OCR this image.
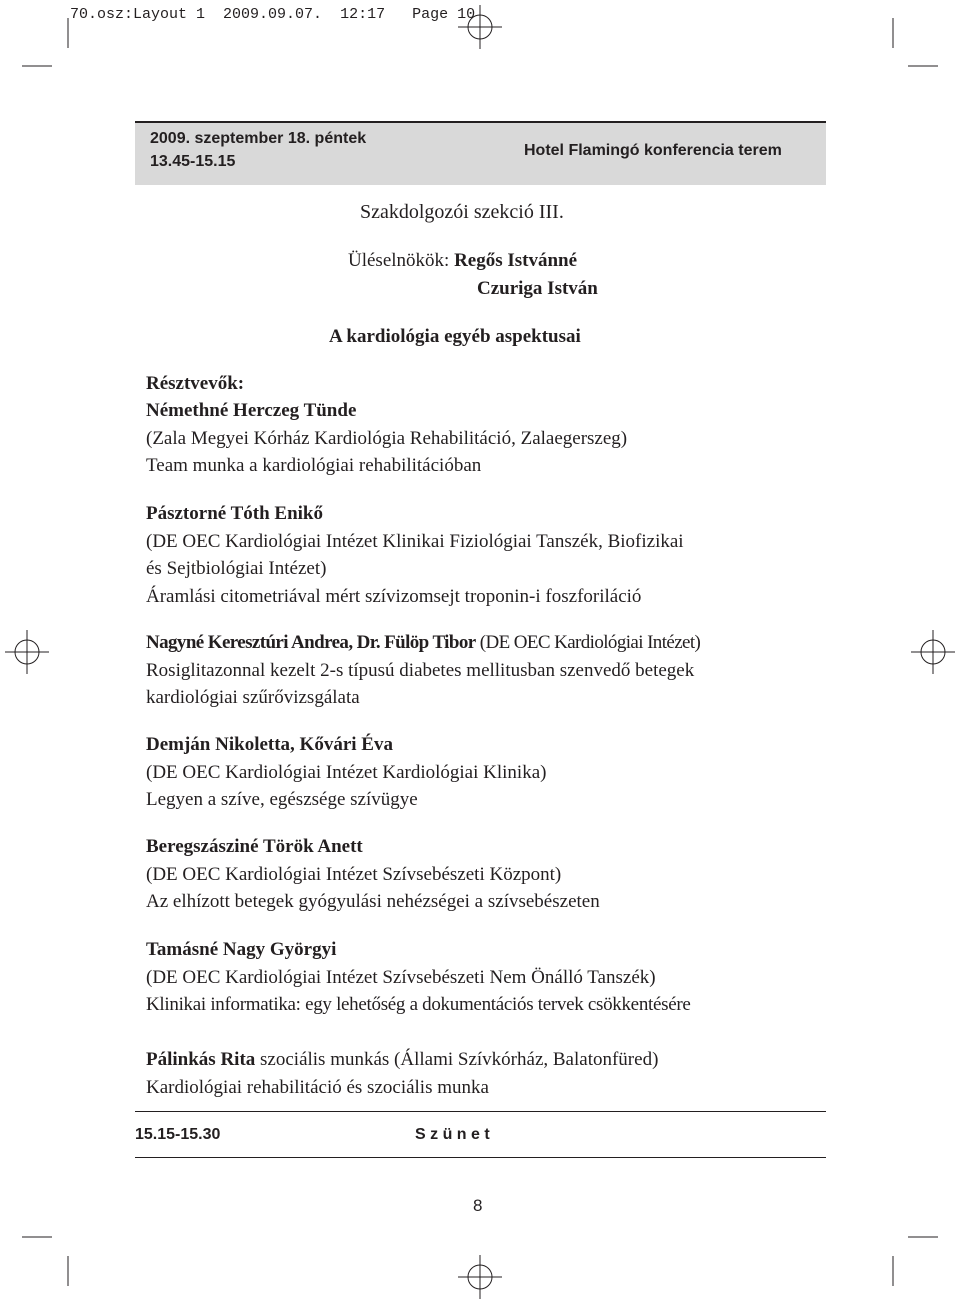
70.osz:Layout 1 2009.09.07. 12:17 Page 10
2009. szeptember 18. péntek
13.45-15.15
Hotel Flamingó konferencia terem
Szakdolgozói szekció III.
Üléselnökök: Regős Istvánné
Czuriga István
A kardiológia egyéb aspektusai
Résztvevők:
Némethné Herczeg Tünde
(Zala Megyei Kórház Kardiológia Rehabilitáció, Zalaegerszeg)
Team munka a kardiológiai rehabilitációban
Pásztorné Tóth Enikő
(DE OEC Kardiológiai Intézet Klinikai Fiziológiai Tanszék, Biofizikai
és Sejtbiológiai Intézet)
Áramlási citometriával mért szívizomsejt troponin-i foszforiláció
Nagyné Keresztúri Andrea, Dr. Fülöp Tibor (DE OEC Kardiológiai Intézet)
Rosiglitazonnal kezelt 2-s típusú diabetes mellitusban szenvedő betegek
kardiológiai szűrővizsgálata
Demján Nikoletta, Kővári Éva
(DE OEC Kardiológiai Intézet Kardiológiai Klinika)
Legyen a szíve, egészsége szívügye
Beregszásziné Török Anett
(DE OEC Kardiológiai Intézet Szívsebészeti Központ)
Az elhízott betegek gyógyulási nehézségei a szívsebészeten
Tamásné Nagy Györgyi
(DE OEC Kardiológiai Intézet Szívsebészeti Nem Önálló Tanszék)
Klinikai informatika: egy lehetőség a dokumentációs tervek csökkentésére
Pálinkás Rita szociális munkás (Állami Szívkórház, Balatonfüred)
Kardiológiai rehabilitáció és szociális munka
15.15-15.30	S z ü n e t
8
